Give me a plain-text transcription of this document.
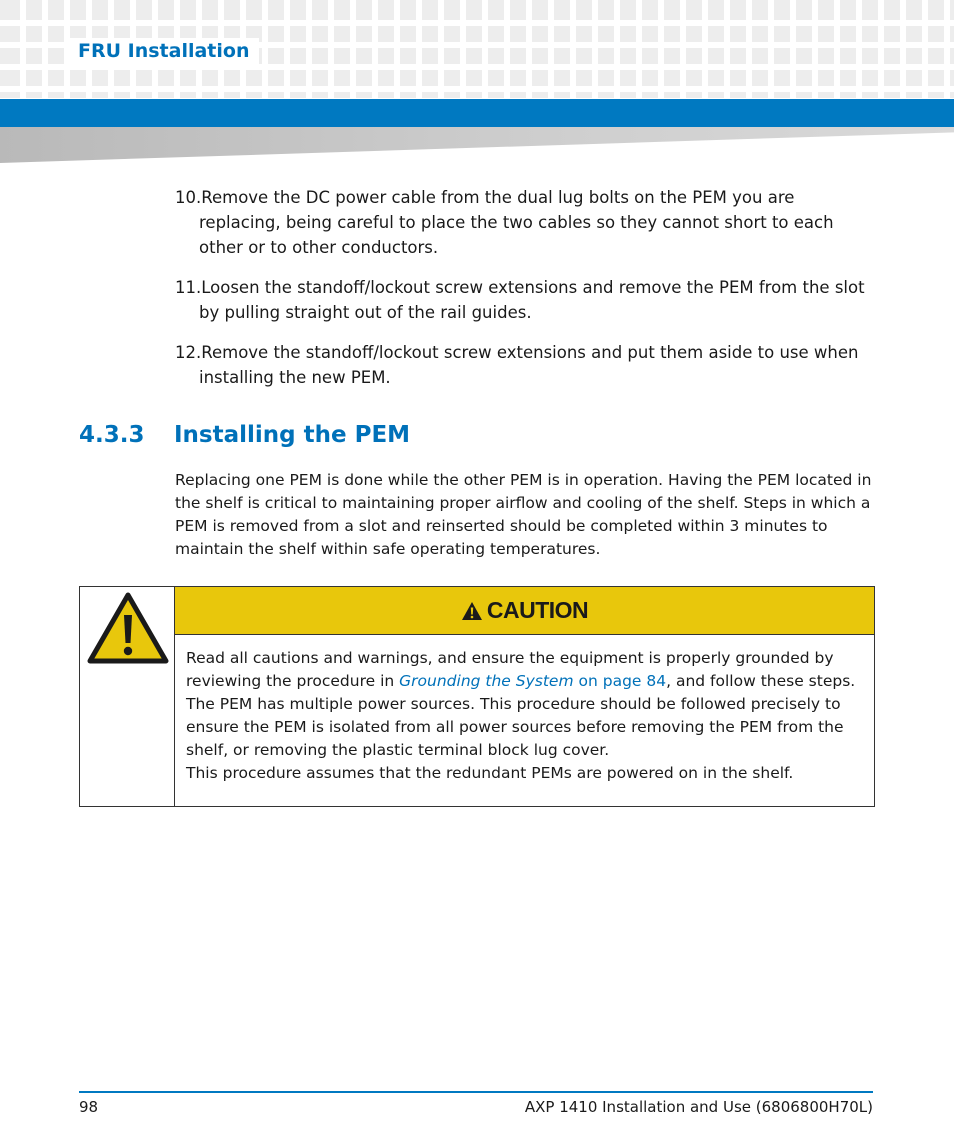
FRU Installation
10.Remove the DC power cable from the dual lug bolts on the PEM you are replacing, being careful to place the two cables so they cannot short to each other or to other conductors.
11.Loosen the standoff/lockout screw extensions and remove the PEM from the slot by pulling straight out of the rail guides.
12.Remove the standoff/lockout screw extensions and put them aside to use when installing the new PEM.
4.3.3 Installing the PEM
Replacing one PEM is done while the other PEM is in operation. Having the PEM located in the shelf is critical to maintaining proper airflow and cooling of the shelf. Steps in which a PEM is removed from a slot and reinserted should be completed within 3 minutes to maintain the shelf within safe operating temperatures.
CAUTION
Read all cautions and warnings, and ensure the equipment is properly grounded by reviewing the procedure in Grounding the System on page 84, and follow these steps. The PEM has multiple power sources. This procedure should be followed precisely to ensure the PEM is isolated from all power sources before removing the PEM from the shelf, or removing the plastic terminal block lug cover.
This procedure assumes that the redundant PEMs are powered on in the shelf.
98	AXP 1410 Installation and Use (6806800H70L)
